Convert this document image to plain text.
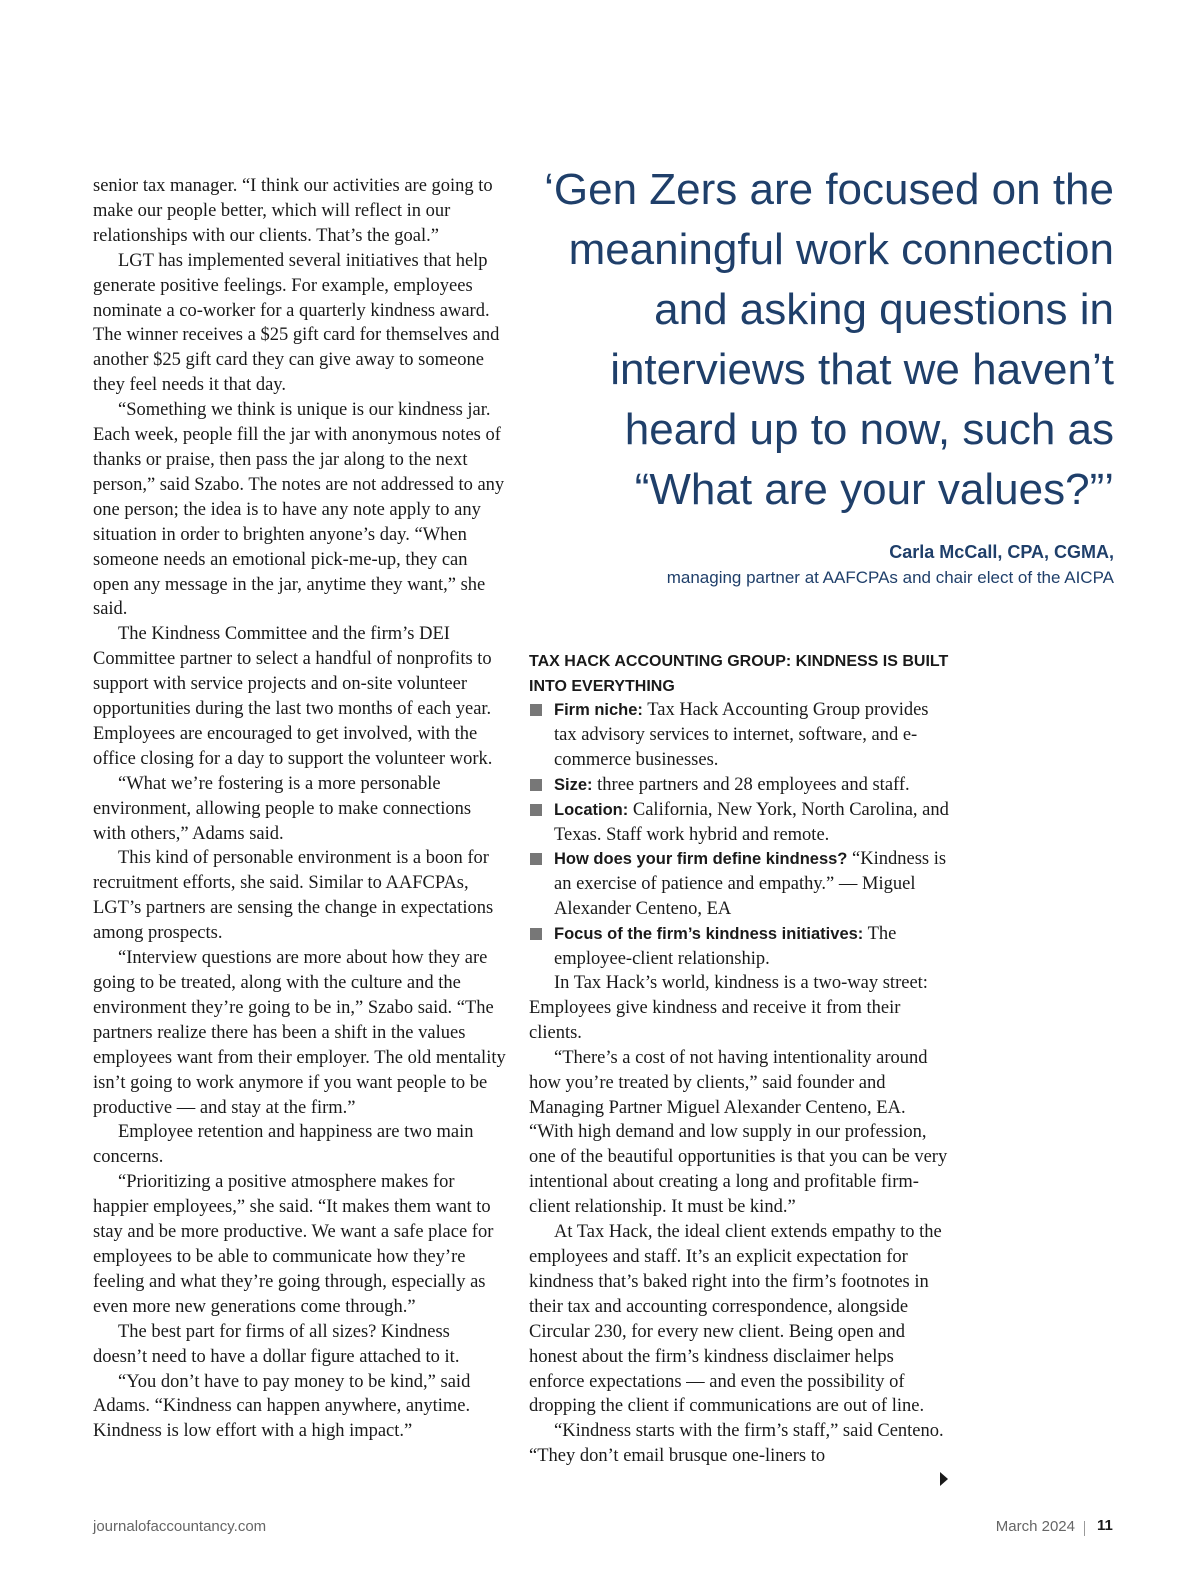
senior tax manager. “I think our activities are going to make our people better, which will reflect in our relationships with our clients. That’s the goal.”

LGT has implemented several initiatives that help generate positive feelings. For example, employees nominate a co-worker for a quarterly kindness award. The winner receives a $25 gift card for themselves and another $25 gift card they can give away to someone they feel needs it that day.

“Something we think is unique is our kindness jar. Each week, people fill the jar with anonymous notes of thanks or praise, then pass the jar along to the next person,” said Szabo. The notes are not addressed to any one person; the idea is to have any note apply to any situation in order to brighten anyone’s day. “When someone needs an emotional pick-me-up, they can open any message in the jar, anytime they want,” she said.

The Kindness Committee and the firm’s DEI Committee partner to select a handful of nonprofits to support with service projects and on-site volunteer opportunities during the last two months of each year. Employees are encouraged to get involved, with the office closing for a day to support the volunteer work.

“What we’re fostering is a more personable environment, allowing people to make connections with others,” Adams said.

This kind of personable environment is a boon for recruitment efforts, she said. Similar to AAFCPAs, LGT’s partners are sensing the change in expectations among prospects.

“Interview questions are more about how they are going to be treated, along with the culture and the environment they’re going to be in,” Szabo said. “The partners realize there has been a shift in the values employees want from their employer. The old mentality isn’t going to work anymore if you want people to be productive — and stay at the firm.”

Employee retention and happiness are two main concerns.

“Prioritizing a positive atmosphere makes for happier employees,” she said. “It makes them want to stay and be more productive. We want a safe place for employees to be able to communicate how they’re feeling and what they’re going through, especially as even more new generations come through.”

The best part for firms of all sizes? Kindness doesn’t need to have a dollar figure attached to it.

“You don’t have to pay money to be kind,” said Adams. “Kindness can happen anywhere, anytime. Kindness is low effort with a high impact.”

‘Gen Zers are focused on the meaningful work connection and asking questions in interviews that we haven’t heard up to now, such as “What are your values?”’

Carla McCall, CPA, CGMA,
managing partner at AAFCPAs and chair elect of the AICPA
TAX HACK ACCOUNTING GROUP: KINDNESS IS BUILT INTO EVERYTHING
Firm niche: Tax Hack Accounting Group provides tax advisory services to internet, software, and e-commerce businesses.
Size: three partners and 28 employees and staff.
Location: California, New York, North Carolina, and Texas. Staff work hybrid and remote.
How does your firm define kindness? “Kindness is an exercise of patience and empathy.” — Miguel Alexander Centeno, EA
Focus of the firm’s kindness initiatives: The employee-client relationship.

In Tax Hack’s world, kindness is a two-way street: Employees give kindness and receive it from their clients.

“There’s a cost of not having intentionality around how you’re treated by clients,” said founder and Managing Partner Miguel Alexander Centeno, EA. “With high demand and low supply in our profession, one of the beautiful opportunities is that you can be very intentional about creating a long and profitable firm-client relationship. It must be kind.”

At Tax Hack, the ideal client extends empathy to the employees and staff. It’s an explicit expectation for kindness that’s baked right into the firm’s footnotes in their tax and accounting correspondence, alongside Circular 230, for every new client. Being open and honest about the firm’s kindness disclaimer helps enforce expectations — and even the possibility of dropping the client if communications are out of line.

“Kindness starts with the firm’s staff,” said Centeno. “They don’t email brusque one-liners to

journalofaccountancy.com	March 2024 11
